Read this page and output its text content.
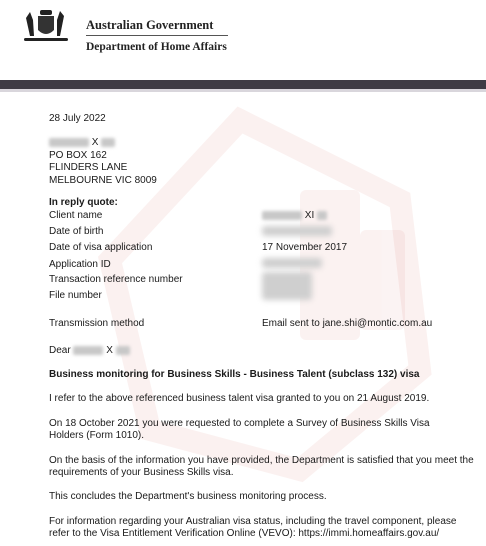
Australian Government
Department of Home Affairs
28 July 2022
X
PO BOX 162
FLINDERS LANE
MELBOURNE VIC 8009
In reply quote:
Client name	XI
Date of birth
Date of visa application	17 November 2017
Application ID
Transaction reference number
File number
Transmission method	Email sent to jane.shi@montic.com.au
Dear	X
Business monitoring for Business Skills - Business Talent (subclass 132) visa
I refer to the above referenced business talent visa granted to you on 21 August 2019.
On 18 October 2021 you were requested to complete a Survey of Business Skills Visa Holders (Form 1010).
On the basis of the information you have provided, the Department is satisfied that you meet the requirements of your Business Skills visa.
This concludes the Department's business monitoring process.
For information regarding your Australian visa status, including the travel component, please refer to the Visa Entitlement Verification Online (VEVO): https://immi.homeaffairs.gov.au/
